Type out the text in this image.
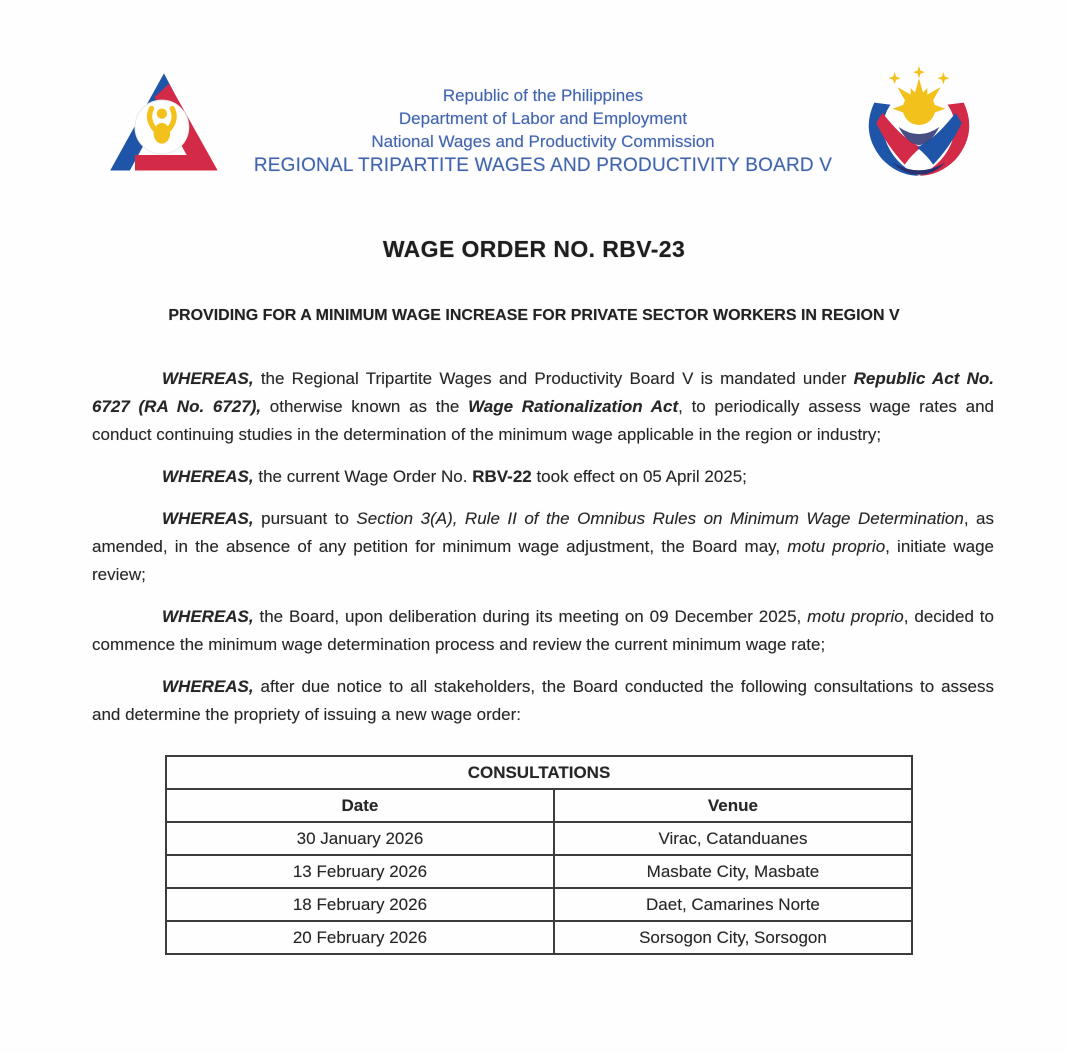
Republic of the Philippines
Department of Labor and Employment
National Wages and Productivity Commission
REGIONAL TRIPARTITE WAGES AND PRODUCTIVITY BOARD V
WAGE ORDER NO. RBV-23
PROVIDING FOR A MINIMUM WAGE INCREASE FOR PRIVATE SECTOR WORKERS IN REGION V

WHEREAS, the Regional Tripartite Wages and Productivity Board V is mandated under Republic Act No. 6727 (RA No. 6727), otherwise known as the Wage Rationalization Act, to periodically assess wage rates and conduct continuing studies in the determination of the minimum wage applicable in the region or industry;

WHEREAS, the current Wage Order No. RBV-22 took effect on 05 April 2025;

WHEREAS, pursuant to Section 3(A), Rule II of the Omnibus Rules on Minimum Wage Determination, as amended, in the absence of any petition for minimum wage adjustment, the Board may, motu proprio, initiate wage review;

WHEREAS, the Board, upon deliberation during its meeting on 09 December 2025, motu proprio, decided to commence the minimum wage determination process and review the current minimum wage rate;

WHEREAS, after due notice to all stakeholders, the Board conducted the following consultations to assess and determine the propriety of issuing a new wage order:

CONSULTATIONS	
Date	Venue
30 January 2026	Virac, Catanduanes
13 February 2026	Masbate City, Masbate
18 February 2026	Daet, Camarines Norte
20 February 2026	Sorsogon City, Sorsogon
